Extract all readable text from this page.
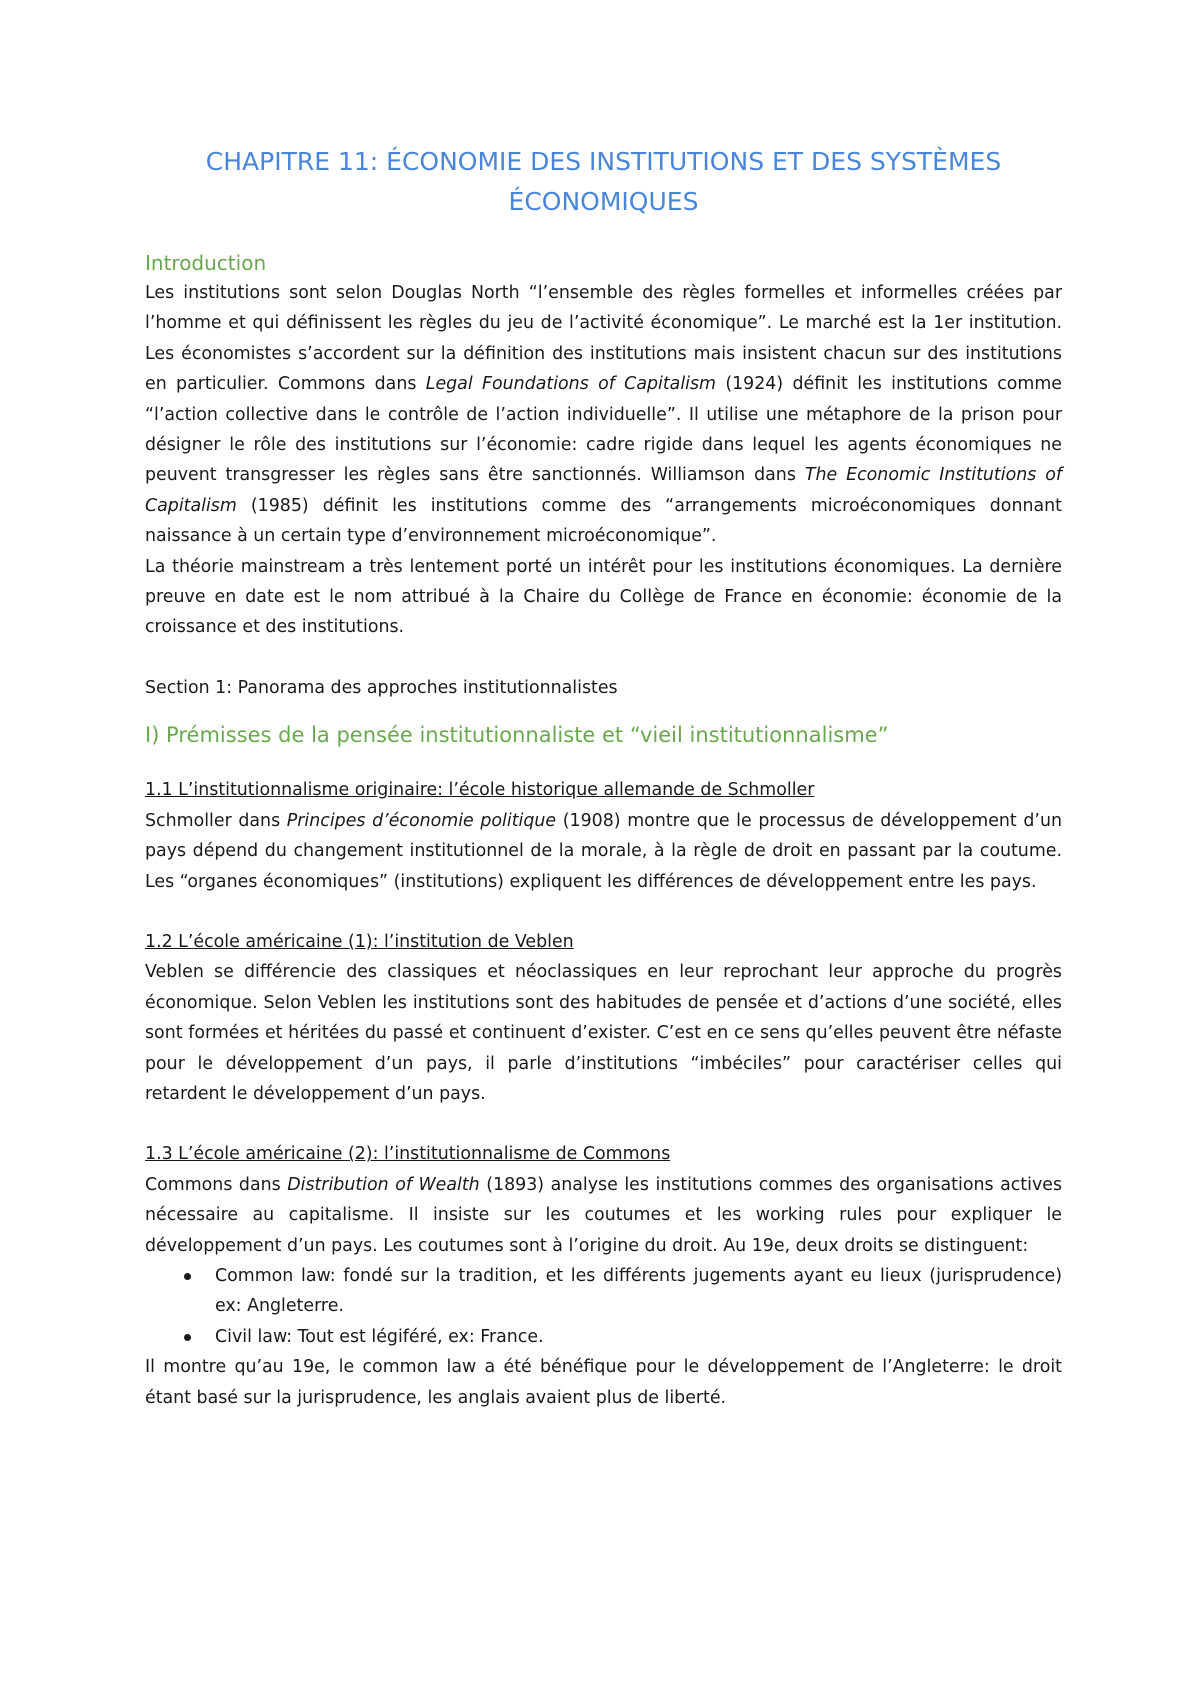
CHAPITRE 11: ÉCONOMIE DES INSTITUTIONS ET DES SYSTÈMES ÉCONOMIQUES
Introduction

Les institutions sont selon Douglas North “l’ensemble des règles formelles et informelles créées par l’homme et qui définissent les règles du jeu de l’activité économique”. Le marché est la 1er institution. Les économistes s’accordent sur la définition des institutions mais insistent chacun sur des institutions en particulier. Commons dans Legal Foundations of Capitalism (1924) définit les institutions comme “l’action collective dans le contrôle de l’action individuelle”. Il utilise une métaphore de la prison pour désigner le rôle des institutions sur l’économie: cadre rigide dans lequel les agents économiques ne peuvent transgresser les règles sans être sanctionnés. Williamson dans The Economic Institutions of Capitalism (1985) définit les institutions comme des “arrangements microéconomiques donnant naissance à un certain type d’environnement microéconomique”.

La théorie mainstream a très lentement porté un intérêt pour les institutions économiques. La dernière preuve en date est le nom attribué à la Chaire du Collège de France en économie: économie de la croissance et des institutions.

Section 1: Panorama des approches institutionnalistes

I) Prémisses de la pensée institutionnaliste et “vieil institutionnalisme”
1.1 L’institutionnalisme originaire: l’école historique allemande de Schmoller

Schmoller dans Principes d’économie politique (1908) montre que le processus de développement d’un pays dépend du changement institutionnel de la morale, à la règle de droit en passant par la coutume. Les “organes économiques” (institutions) expliquent les différences de développement entre les pays.

1.2 L’école américaine (1): l’institution de Veblen

Veblen se différencie des classiques et néoclassiques en leur reprochant leur approche du progrès économique. Selon Veblen les institutions sont des habitudes de pensée et d’actions d’une société, elles sont formées et héritées du passé et continuent d’exister. C’est en ce sens qu’elles peuvent être néfaste pour le développement d’un pays, il parle d’institutions “imbéciles” pour caractériser celles qui retardent le développement d’un pays.

1.3 L’école américaine (2): l’institutionnalisme de Commons

Commons dans Distribution of Wealth (1893) analyse les institutions commes des organisations actives nécessaire au capitalisme. Il insiste sur les coutumes et les working rules pour expliquer le développement d’un pays. Les coutumes sont à l’origine du droit. Au 19e, deux droits se distinguent:

Common law: fondé sur la tradition, et les différents jugements ayant eu lieux (jurisprudence) ex: Angleterre.
Civil law: Tout est légiféré, ex: France.

Il montre qu’au 19e, le common law a été bénéfique pour le développement de l’Angleterre: le droit étant basé sur la jurisprudence, les anglais avaient plus de liberté.
